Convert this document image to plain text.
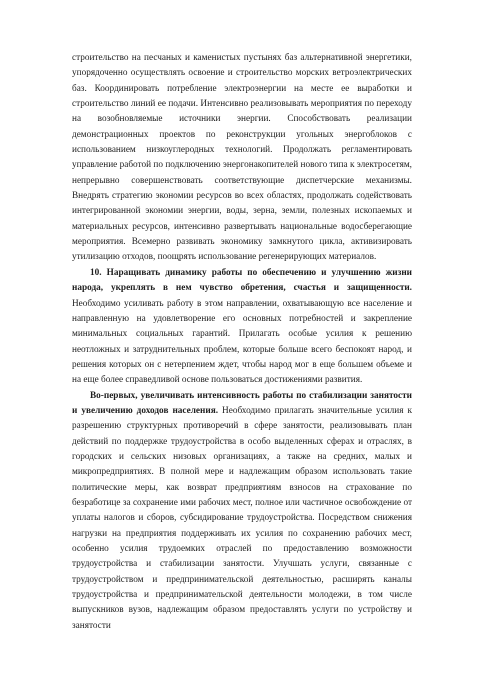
строительство на песчаных и каменистых пустынях баз альтернативной энергетики, упорядоченно осуществлять освоение и строительство морских ветроэлектрических баз. Координировать потребление электроэнергии на месте ее выработки и строительство линий ее подачи. Интенсивно реализовывать мероприятия по переходу на возобновляемые источники энергии. Способствовать реализации демонстрационных проектов по реконструкции угольных энергоблоков с использованием низкоуглеродных технологий. Продолжать регламентировать управление работой по подключению энергонакопителей нового типа к электросетям, непрерывно совершенствовать соответствующие диспетчерские механизмы. Внедрять стратегию экономии ресурсов во всех областях, продолжать содействовать интегрированной экономии энергии, воды, зерна, земли, полезных ископаемых и материальных ресурсов, интенсивно развертывать национальные водосберегающие мероприятия. Всемерно развивать экономику замкнутого цикла, активизировать утилизацию отходов, поощрять использование регенерирующих материалов.

10. Наращивать динамику работы по обеспечению и улучшению жизни народа, укреплять в нем чувство обретения, счастья и защищенности. Необходимо усиливать работу в этом направлении, охватывающую все население и направленную на удовлетворение его основных потребностей и закрепление минимальных социальных гарантий. Прилагать особые усилия к решению неотложных и затруднительных проблем, которые больше всего беспокоят народ, и решения которых он с нетерпением ждет, чтобы народ мог в еще большем объеме и на еще более справедливой основе пользоваться достижениями развития.

Во-первых, увеличивать интенсивность работы по стабилизации занятости и увеличению доходов населения. Необходимо прилагать значительные усилия к разрешению структурных противоречий в сфере занятости, реализовывать план действий по поддержке трудоустройства в особо выделенных сферах и отраслях, в городских и сельских низовых организациях, а также на средних, малых и микропредприятиях. В полной мере и надлежащим образом использовать такие политические меры, как возврат предприятиям взносов на страхование по безработице за сохранение ими рабочих мест, полное или частичное освобождение от уплаты налогов и сборов, субсидирование трудоустройства. Посредством снижения нагрузки на предприятия поддерживать их усилия по сохранению рабочих мест, особенно усилия трудоемких отраслей по предоставлению возможности трудоустройства и стабилизации занятости. Улучшать услуги, связанные с трудоустройством и предпринимательской деятельностью, расширять каналы трудоустройства и предпринимательской деятельности молодежи, в том числе выпускников вузов, надлежащим образом предоставлять услуги по устройству и занятости
